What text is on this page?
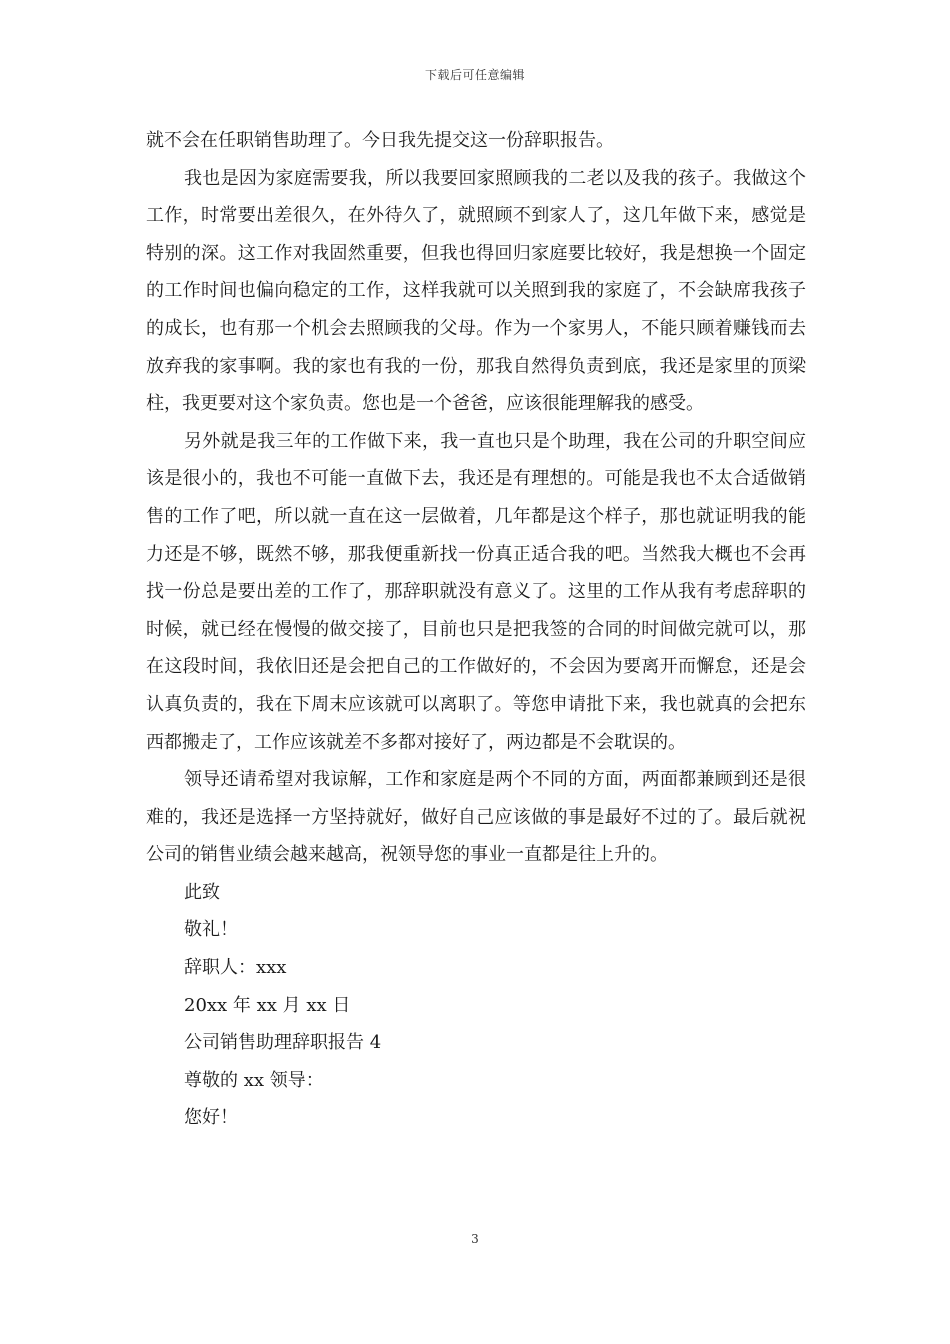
下载后可任意编辑

就不会在任职销售助理了。今日我先提交这一份辞职报告。

我也是因为家庭需要我，所以我要回家照顾我的二老以及我的孩子。我做这个工作，时常要出差很久，在外待久了，就照顾不到家人了，这几年做下来，感觉是特别的深。这工作对我固然重要，但我也得回归家庭要比较好，我是想换一个固定的工作时间也偏向稳定的工作，这样我就可以关照到我的家庭了，不会缺席我孩子的成长，也有那一个机会去照顾我的父母。作为一个家男人，不能只顾着赚钱而去放弃我的家事啊。我的家也有我的一份，那我自然得负责到底，我还是家里的顶梁柱，我更要对这个家负责。您也是一个爸爸，应该很能理解我的感受。

另外就是我三年的工作做下来，我一直也只是个助理，我在公司的升职空间应该是很小的，我也不可能一直做下去，我还是有理想的。可能是我也不太合适做销售的工作了吧，所以就一直在这一层做着，几年都是这个样子，那也就证明我的能力还是不够，既然不够，那我便重新找一份真正适合我的吧。当然我大概也不会再找一份总是要出差的工作了，那辞职就没有意义了。这里的工作从我有考虑辞职的时候，就已经在慢慢的做交接了，目前也只是把我签的合同的时间做完就可以，那在这段时间，我依旧还是会把自己的工作做好的，不会因为要离开而懈怠，还是会认真负责的，我在下周末应该就可以离职了。等您申请批下来，我也就真的会把东西都搬走了，工作应该就差不多都对接好了，两边都是不会耽误的。

领导还请希望对我谅解，工作和家庭是两个不同的方面，两面都兼顾到还是很难的，我还是选择一方坚持就好，做好自己应该做的事是最好不过的了。最后就祝公司的销售业绩会越来越高，祝领导您的事业一直都是往上升的。

此致

敬礼！

辞职人：xxx

20xx 年 xx 月 xx 日

公司销售助理辞职报告 4

尊敬的 xx 领导：

您好！

3
